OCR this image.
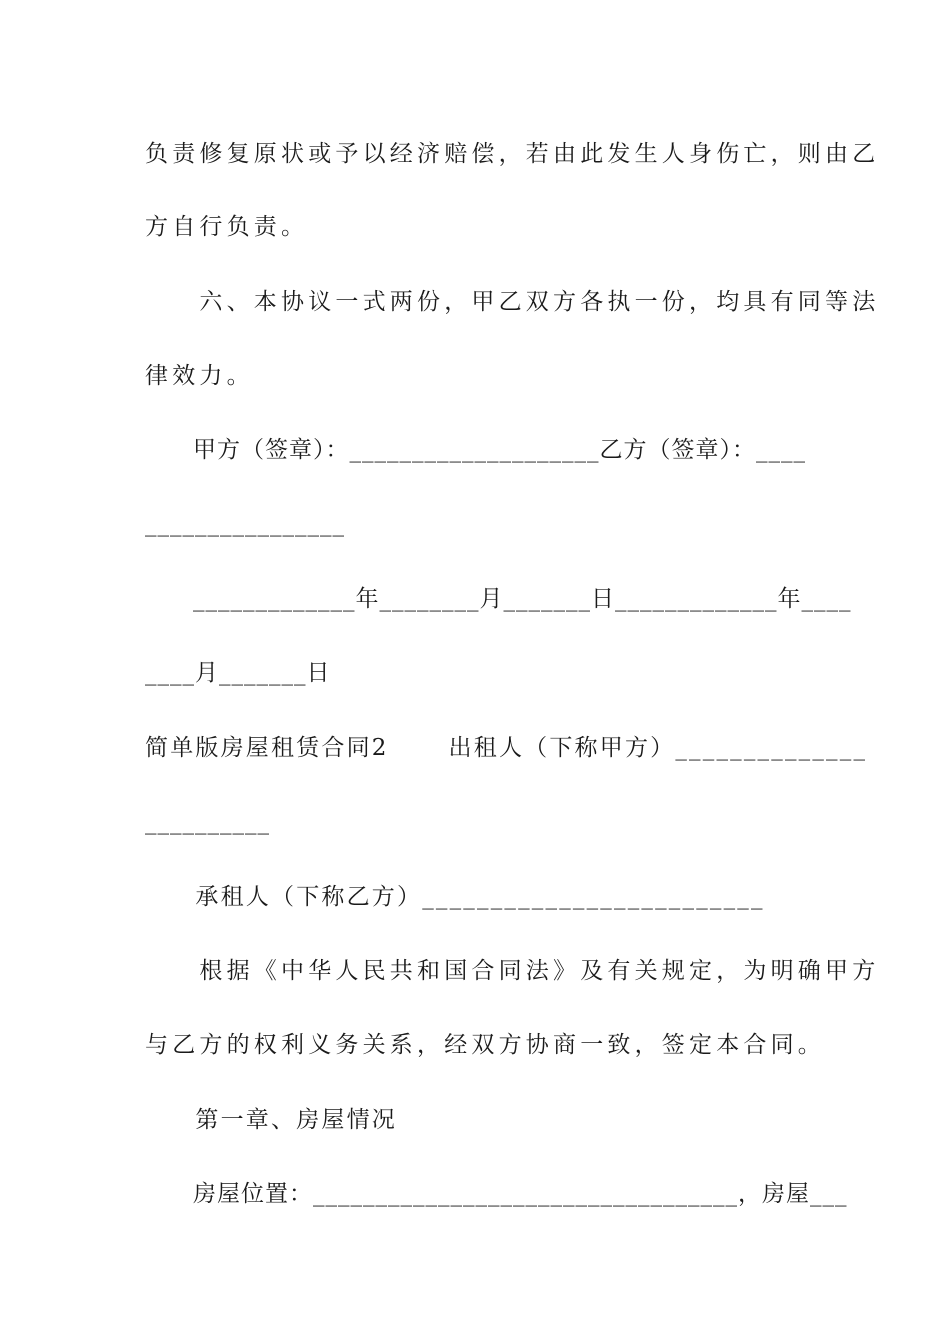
负责修复原状或予以经济赔偿，若由此发生人身伤亡，则由乙
方自行负责。
　　六、本协议一式两份，甲乙双方各执一份，均具有同等法
律效力。
　　甲方（签章）：____________________乙方（签章）：____
________________
　　_____________年________月_______日_____________年____
____月_______日
简单版房屋租赁合同2　　 出租人（下称甲方）______________
__________
　　承租人（下称乙方）_________________________
　　根据《中华人民共和国合同法》及有关规定，为明确甲方
与乙方的权利义务关系，经双方协商一致，签定本合同。
　　第一章、房屋情况
　　房屋位置：__________________________________，房屋___
